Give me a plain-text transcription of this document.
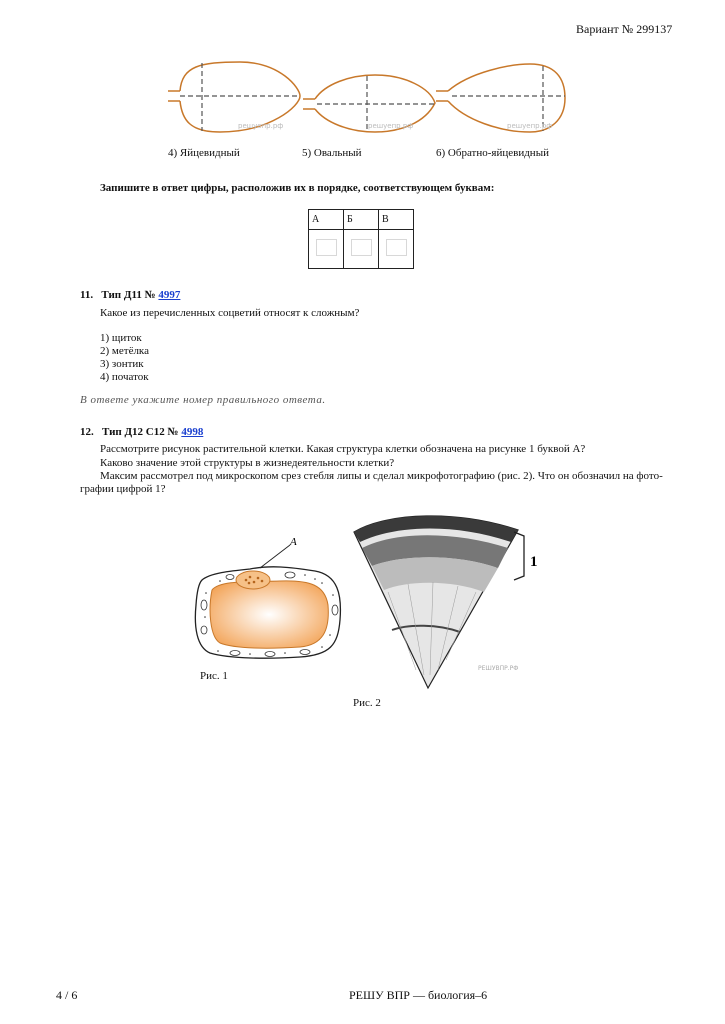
Вариант № 299137
решуепр.рф	решуепр.рф	решуепр.рф
4) Яйцевидный	5) Овальный	6) Обратно-яйцевидный
Запишите в ответ цифры, расположив их в порядке, соответствующем буквам:
А	Б	В

11. Тип Д11 № 4997
Какое из перечисленных соцветий относят к сложным?
1) щиток
2) метёлка
3) зонтик
4) початок
В ответе укажите номер правильного ответа.
12. Тип Д12 С12 № 4998
Рассмотрите рисунок растительной клетки. Какая структура клетки обозначена на рисунке 1 буквой А?
Каково значение этой структуры в жизнедеятельности клетки?
Максим рассмотрел под микроскопом срез стебля липы и сделал микрофотографию (рис. 2). Что он обозначил на фото-
графии цифрой 1?
A
Рис. 1
1
РЕШУВПР.РФ
Рис. 2
4 / 6	РЕШУ ВПР — биология–6
